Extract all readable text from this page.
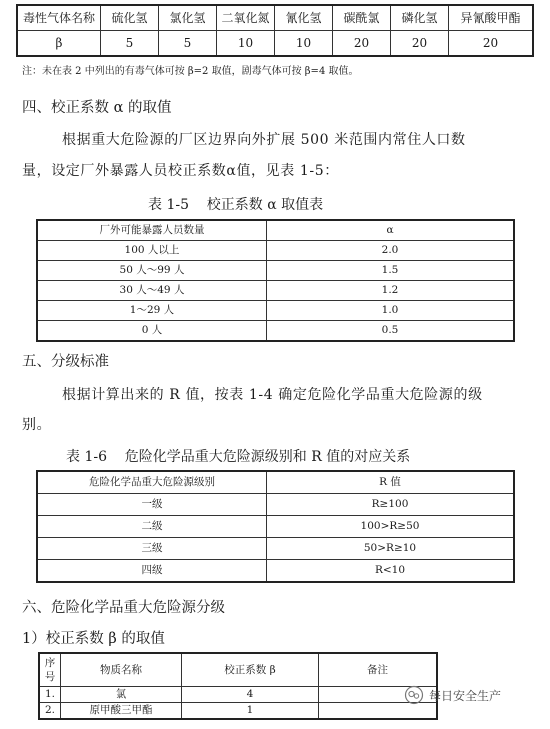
毒性气体名称	硫化氢	氯化氢	二氧化氮	氰化氢	碳酰氯	磷化氢	异氰酸甲酯
β	5	5	10	10	20	20	20
注：未在表 2 中列出的有毒气体可按 β=2 取值，剧毒气体可按 β=4 取值。
四、校正系数 α 的取值
根据重大危险源的厂区边界向外扩展 500 米范围内常住人口数
量，设定厂外暴露人员校正系数α值，见表 1-5：
表 1-5    校正系数 α 取值表
厂外可能暴露人员数量	α
100 人以上	2.0
50 人～99 人	1.5
30 人～49 人	1.2
1～29 人	1.0
0 人	0.5
五、分级标准
根据计算出来的 R 值，按表 1-4 确定危险化学品重大危险源的级
别。
表 1-6    危险化学品重大危险源级别和 R 值的对应关系
危险化学品重大危险源级别	R 值
一级	R≥100
二级	100>R≥50
三级	50>R≥10
四级	R<10
六、危险化学品重大危险源分级
1）校正系数 β 的取值
序号	物质名称	校正系数 β	备注
1.	氯	4	
2.	原甲酸三甲酯	1	
每日安全生产
